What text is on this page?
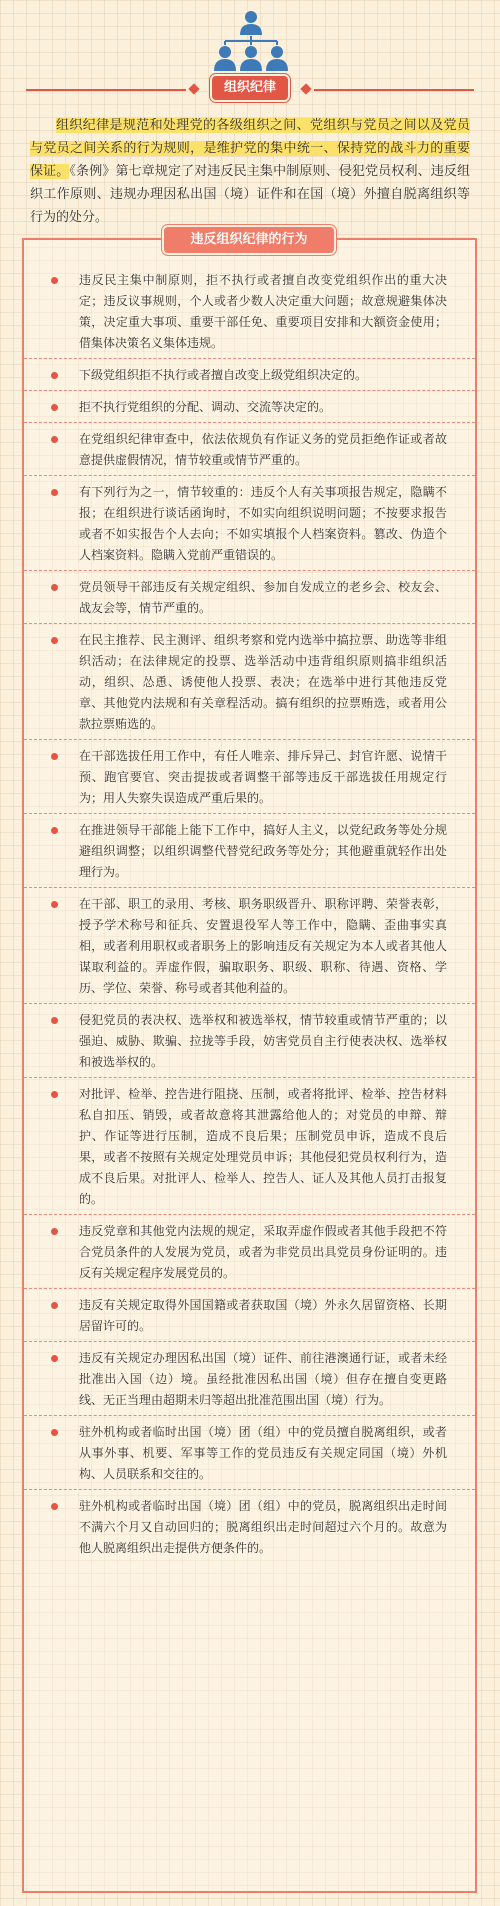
组织纪律

组织纪律是规范和处理党的各级组织之间、党组织与党员之间以及党员与党员之间关系的行为规则，是维护党的集中统一、保持党的战斗力的重要保证。《条例》第七章规定了对违反民主集中制原则、侵犯党员权利、违反组织工作原则、违规办理因私出国（境）证件和在国（境）外擅自脱离组织等行为的处分。

违反组织纪律的行为

违反民主集中制原则，拒不执行或者擅自改变党组织作出的重大决定；违反议事规则，个人或者少数人决定重大问题；故意规避集体决策，决定重大事项、重要干部任免、重要项目安排和大额资金使用；借集体决策名义集体违规。

下级党组织拒不执行或者擅自改变上级党组织决定的。

拒不执行党组织的分配、调动、交流等决定的。

在党组织纪律审查中，依法依规负有作证义务的党员拒绝作证或者故意提供虚假情况，情节较重或情节严重的。

有下列行为之一，情节较重的：违反个人有关事项报告规定，隐瞒不报；在组织进行谈话函询时，不如实向组织说明问题；不按要求报告或者不如实报告个人去向；不如实填报个人档案资料。篡改、伪造个人档案资料。隐瞒入党前严重错误的。

党员领导干部违反有关规定组织、参加自发成立的老乡会、校友会、战友会等，情节严重的。

在民主推荐、民主测评、组织考察和党内选举中搞拉票、助选等非组织活动；在法律规定的投票、选举活动中违背组织原则搞非组织活动，组织、怂恿、诱使他人投票、表决；在选举中进行其他违反党章、其他党内法规和有关章程活动。搞有组织的拉票贿选，或者用公款拉票贿选的。

在干部选拔任用工作中，有任人唯亲、排斥异己、封官许愿、说情干预、跑官要官、突击提拔或者调整干部等违反干部选拔任用规定行为；用人失察失误造成严重后果的。

在推进领导干部能上能下工作中，搞好人主义，以党纪政务等处分规避组织调整；以组织调整代替党纪政务等处分；其他避重就轻作出处理行为。

在干部、职工的录用、考核、职务职级晋升、职称评聘、荣誉表彰，授予学术称号和征兵、安置退役军人等工作中，隐瞒、歪曲事实真相，或者利用职权或者职务上的影响违反有关规定为本人或者其他人谋取利益的。弄虚作假，骗取职务、职级、职称、待遇、资格、学历、学位、荣誉、称号或者其他利益的。

侵犯党员的表决权、选举权和被选举权，情节较重或情节严重的；以强迫、威胁、欺骗、拉拢等手段，妨害党员自主行使表决权、选举权和被选举权的。

对批评、检举、控告进行阻挠、压制，或者将批评、检举、控告材料私自扣压、销毁，或者故意将其泄露给他人的；对党员的申辩、辩护、作证等进行压制，造成不良后果；压制党员申诉，造成不良后果，或者不按照有关规定处理党员申诉；其他侵犯党员权利行为，造成不良后果。对批评人、检举人、控告人、证人及其他人员打击报复的。

违反党章和其他党内法规的规定，采取弄虚作假或者其他手段把不符合党员条件的人发展为党员，或者为非党员出具党员身份证明的。违反有关规定程序发展党员的。

违反有关规定取得外国国籍或者获取国（境）外永久居留资格、长期居留许可的。

违反有关规定办理因私出国（境）证件、前往港澳通行证，或者未经批准出入国（边）境。虽经批准因私出国（境）但存在擅自变更路线、无正当理由超期未归等超出批准范围出国（境）行为。

驻外机构或者临时出国（境）团（组）中的党员擅自脱离组织，或者从事外事、机要、军事等工作的党员违反有关规定同国（境）外机构、人员联系和交往的。

驻外机构或者临时出国（境）团（组）中的党员，脱离组织出走时间不满六个月又自动回归的；脱离组织出走时间超过六个月的。故意为他人脱离组织出走提供方便条件的。
